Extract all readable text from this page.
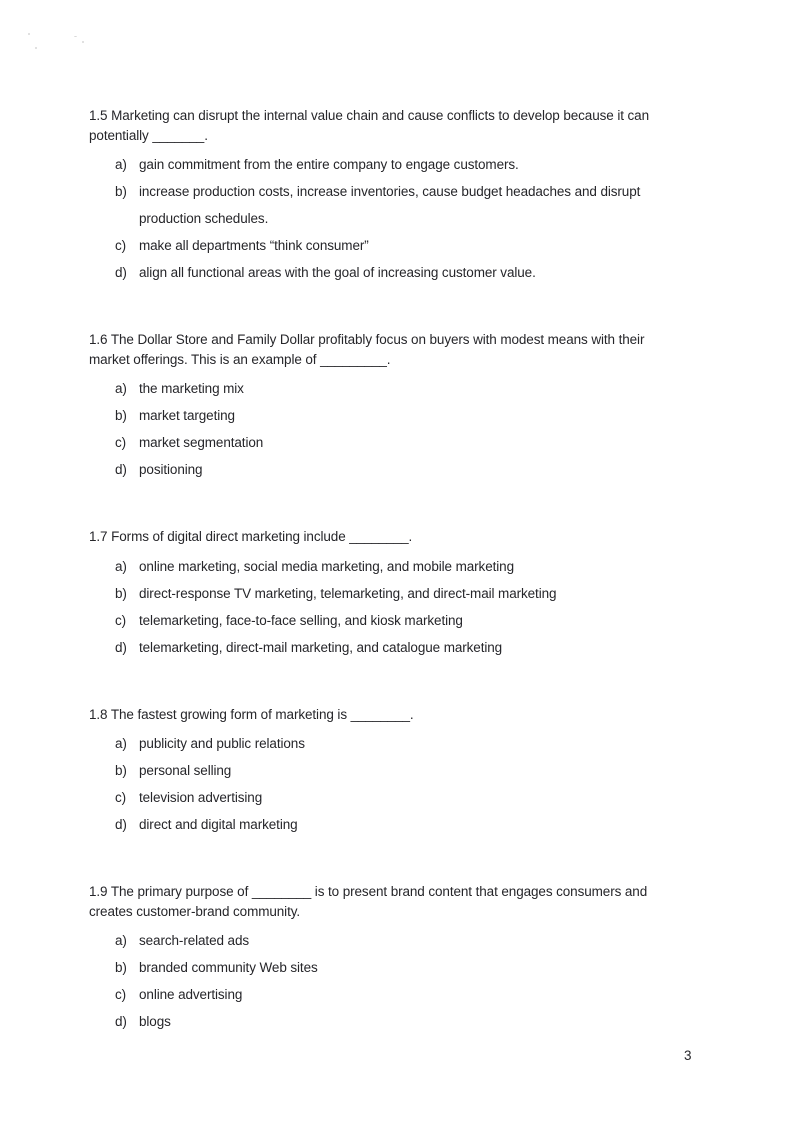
1.5 Marketing can disrupt the internal value chain and cause conflicts to develop because it can
potentially _______.
a) gain commitment from the entire company to engage customers.
b) increase production costs, increase inventories, cause budget headaches and disrupt
production schedules.
c) make all departments “think consumer”
d) align all functional areas with the goal of increasing customer value.
1.6 The Dollar Store and Family Dollar profitably focus on buyers with modest means with their
market offerings. This is an example of _________.
a) the marketing mix
b) market targeting
c) market segmentation
d) positioning
1.7 Forms of digital direct marketing include ________.
a) online marketing, social media marketing, and mobile marketing
b) direct-response TV marketing, telemarketing, and direct-mail marketing
c) telemarketing, face-to-face selling, and kiosk marketing
d) telemarketing, direct-mail marketing, and catalogue marketing
1.8 The fastest growing form of marketing is ________.
a) publicity and public relations
b) personal selling
c) television advertising
d) direct and digital marketing
1.9 The primary purpose of ________ is to present brand content that engages consumers and
creates customer-brand community.
a) search-related ads
b) branded community Web sites
c) online advertising
d) blogs
3
